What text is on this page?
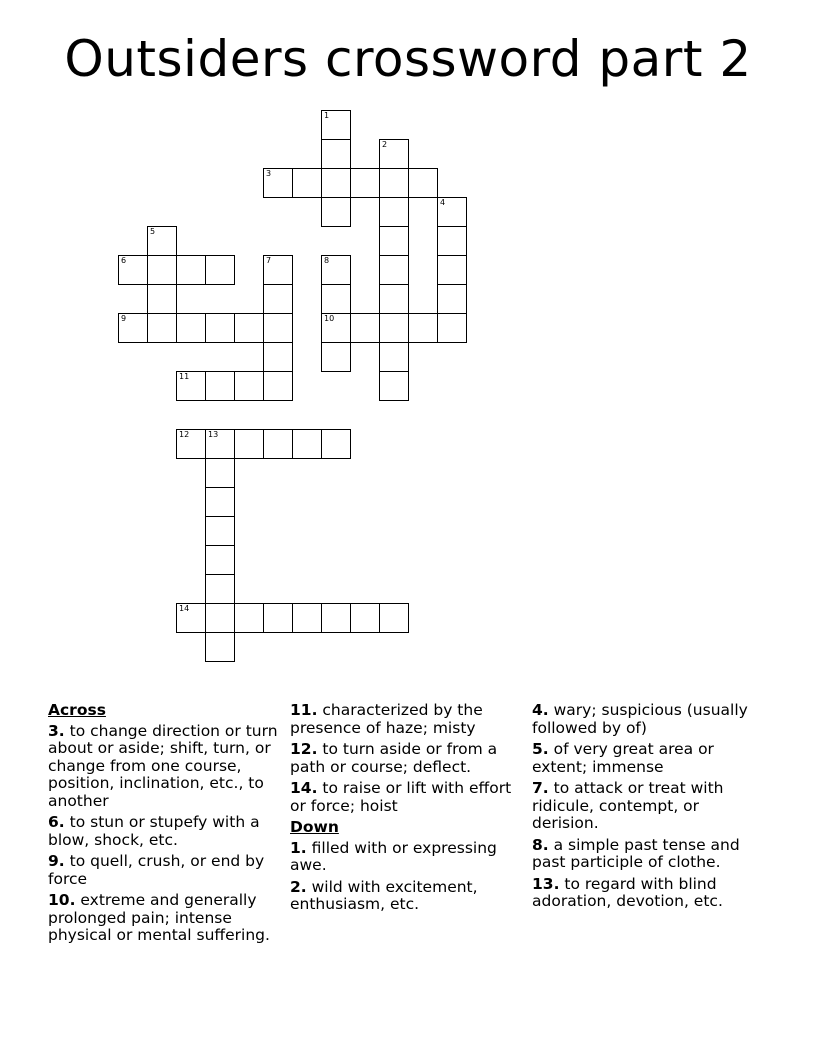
Outsiders crossword part 2
1
2
3
4
5
6	7	8
10
9
11
12 13
14
Across
3. to change direction or turn about or aside; shift, turn, or change from one course, position, inclination, etc., to another
6. to stun or stupefy with a blow, shock, etc.
9. to quell, crush, or end by force
10. extreme and generally prolonged pain; intense physical or mental suffering.
11. characterized by the presence of haze; misty
12. to turn aside or from a path or course; deflect.
14. to raise or lift with effort or force; hoist
Down
1. filled with or expressing awe.
2. wild with excitement, enthusiasm, etc.
4. wary; suspicious (usually followed by of)
5. of very great area or extent; immense
7. to attack or treat with ridicule, contempt, or derision.
8. a simple past tense and past participle of clothe.
13. to regard with blind adoration, devotion, etc.
